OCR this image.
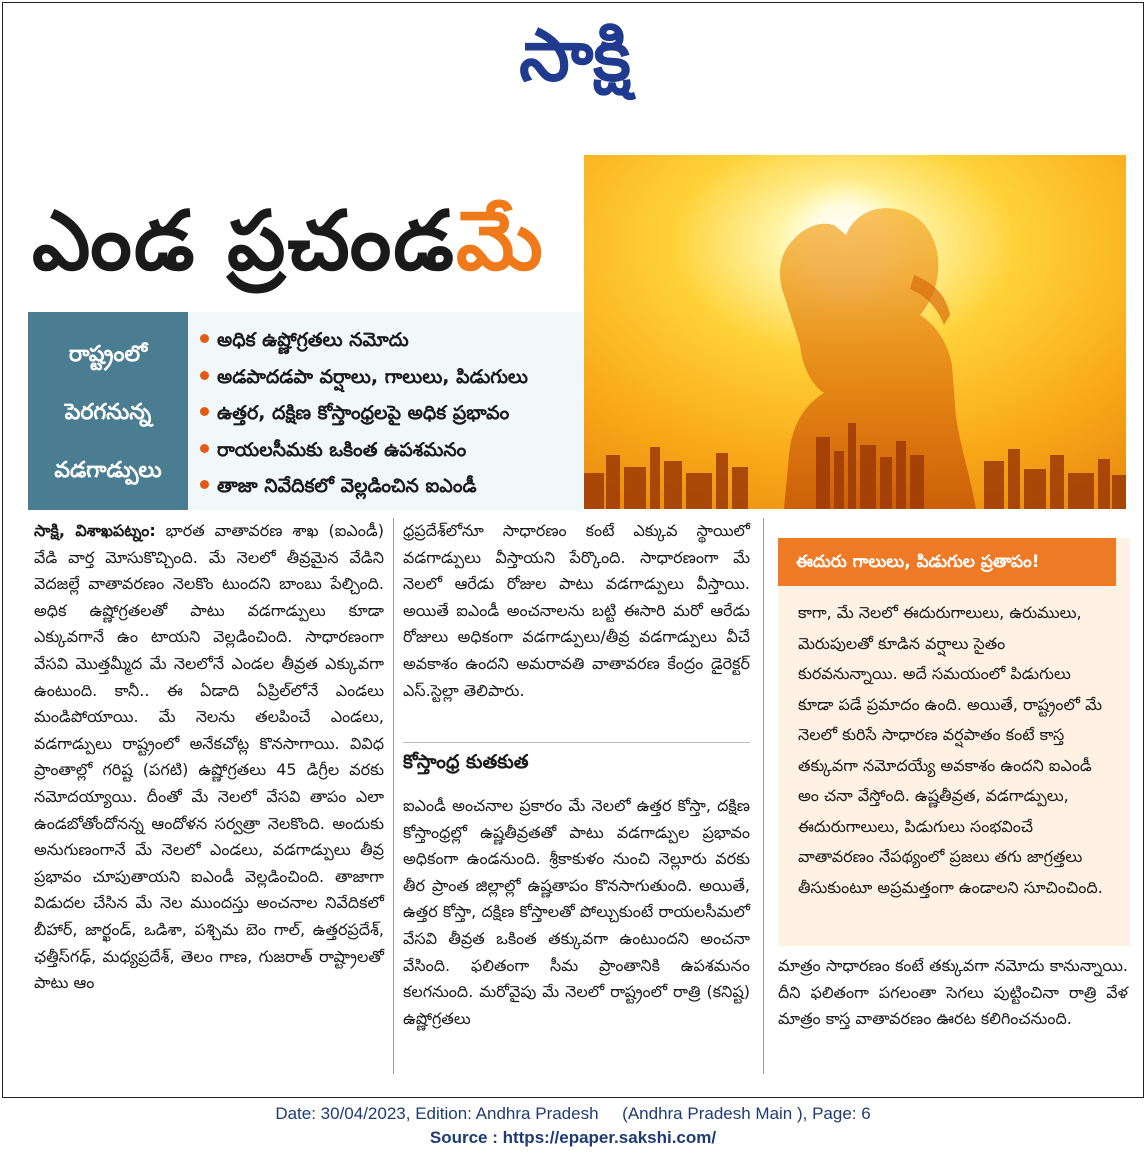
సాక్షి
ఎండ ప్రచండమే
రాష్ట్రంలో
పెరగనున్న
వడగాడ్పులు
అధిక ఉష్ణోగ్రతలు నమోదు
అడపాదడపా వర్షాలు, గాలులు, పిడుగులు
ఉత్తర, దక్షిణ కోస్తాంధ్రలపై అధిక ప్రభావం
రాయలసీమకు ఒకింత ఉపశమనం
తాజా నివేదికలో వెల్లడించిన ఐఎండీ

సాక్షి, విశాఖపట్నం: భారత వాతావరణ శాఖ (ఐఎండీ) వేడి వార్త మోసుకొచ్చింది. మే నెలలో తీవ్రమైన వేడిని వెదజల్లే వాతావరణం నెలకొం టుందని బాంబు పేల్చింది. అధిక ఉష్ణోగ్రతలతో పాటు వడగాడ్పులు కూడా ఎక్కువగానే ఉం టాయని వెల్లడించింది. సాధారణంగా వేసవి మొత్తమ్మీద మే నెలలోనే ఎండల తీవ్రత ఎక్కువగా ఉంటుంది. కానీ.. ఈ ఏడాది ఏప్రిల్‌లోనే ఎండలు మండిపోయాయి. మే నెలను తలపించే ఎండలు, వడగాడ్పులు రాష్ట్రంలో అనేకచోట్ల కొనసాగాయి. వివిధ ప్రాంతాల్లో గరిష్ట (పగటి) ఉష్ణోగ్రతలు 45 డిగ్రీల వరకు నమోదయ్యాయి. దీంతో మే నెలలో వేసవి తాపం ఎలా ఉండబోతోందోనన్న ఆందోళన సర్వత్రా నెలకొంది. అందుకు అనుగుణంగానే మే నెలలో ఎండలు, వడగాడ్పులు తీవ్ర ప్రభావం చూపుతాయని ఐఎండీ వెల్లడించింది. తాజాగా విడుదల చేసిన మే నెల ముందస్తు అంచనాల నివేదికలో బీహార్, జార్ఖండ్, ఒడిశా, పశ్చిమ బెం గాల్, ఉత్తరప్రదేశ్, ఛత్తీస్‌గఢ్, మధ్యప్రదేశ్, తెలం గాణ, గుజరాత్ రాష్ట్రాలతో పాటు ఆం

ధ్రప్రదేశ్‌లోనూ సాధారణం కంటే ఎక్కువ స్థాయిలో వడగాడ్పులు వీస్తాయని పేర్కొంది. సాధారణంగా మే నెలలో ఆరేడు రోజుల పాటు వడగాడ్పులు వీస్తాయి. అయితే ఐఎండీ అంచనాలను బట్టి ఈసారి మరో ఆరేడు రోజులు అధికంగా వడగాడ్పులు/తీవ్ర వడగాడ్పులు వీచే అవకాశం ఉందని అమరావతి వాతావరణ కేంద్రం డైరెక్టర్ ఎస్.స్టెల్లా తెలిపారు.

కోస్తాంధ్ర కుతకుత

ఐఎండీ అంచనాల ప్రకారం మే నెలలో ఉత్తర కోస్తా, దక్షిణ కోస్తాంధ్రల్లో ఉష్ణతీవ్రతతో పాటు వడగాడ్పుల ప్రభావం అధికంగా ఉండనుంది. శ్రీకాకుళం నుంచి నెల్లూరు వరకు తీర ప్రాంత జిల్లాల్లో ఉష్ణతాపం కొనసాగుతుంది. అయితే, ఉత్తర కోస్తా, దక్షిణ కోస్తాలతో పోల్చుకుంటే రాయలసీమలో వేసవి తీవ్రత ఒకింత తక్కువగా ఉంటుందని అంచనా వేసింది. ఫలితంగా సీమ ప్రాంతానికి ఉపశమనం కలగనుంది. మరోవైపు మే నెలలో రాష్ట్రంలో రాత్రి (కనిష్ట) ఉష్ణోగ్రతలు

ఈదురు గాలులు, పిడుగుల ప్రతాపం!
కాగా, మే నెలలో ఈదురుగాలులు, ఉరుములు, మెరుపులతో కూడిన వర్షాలు సైతం కురవనున్నాయి. అదే సమయంలో పిడుగులు కూడా పడే ప్రమాదం ఉంది. అయితే, రాష్ట్రంలో మే నెలలో కురిసే సాధారణ వర్షపాతం కంటే కాస్త తక్కువగా నమోదయ్యే అవకాశం ఉందని ఐఎండీ అం చనా వేస్తోంది. ఉష్ణతీవ్రత, వడగాడ్పులు, ఈదురుగాలులు, పిడుగులు సంభవించే వాతావరణం నేపథ్యంలో ప్రజలు తగు జాగ్రత్తలు తీసుకుంటూ అప్రమత్తంగా ఉండాలని సూచించింది.

మాత్రం సాధారణం కంటే తక్కువగా నమోదు కానున్నాయి. దీని ఫలితంగా పగలంతా సెగలు పుట్టించినా రాత్రి వేళ మాత్రం కాస్త వాతావరణం ఊరట కలిగించనుంది.

Date: 30/04/2023, Edition: Andhra Pradesh     (Andhra Pradesh Main ), Page: 6
Source : https://epaper.sakshi.com/
